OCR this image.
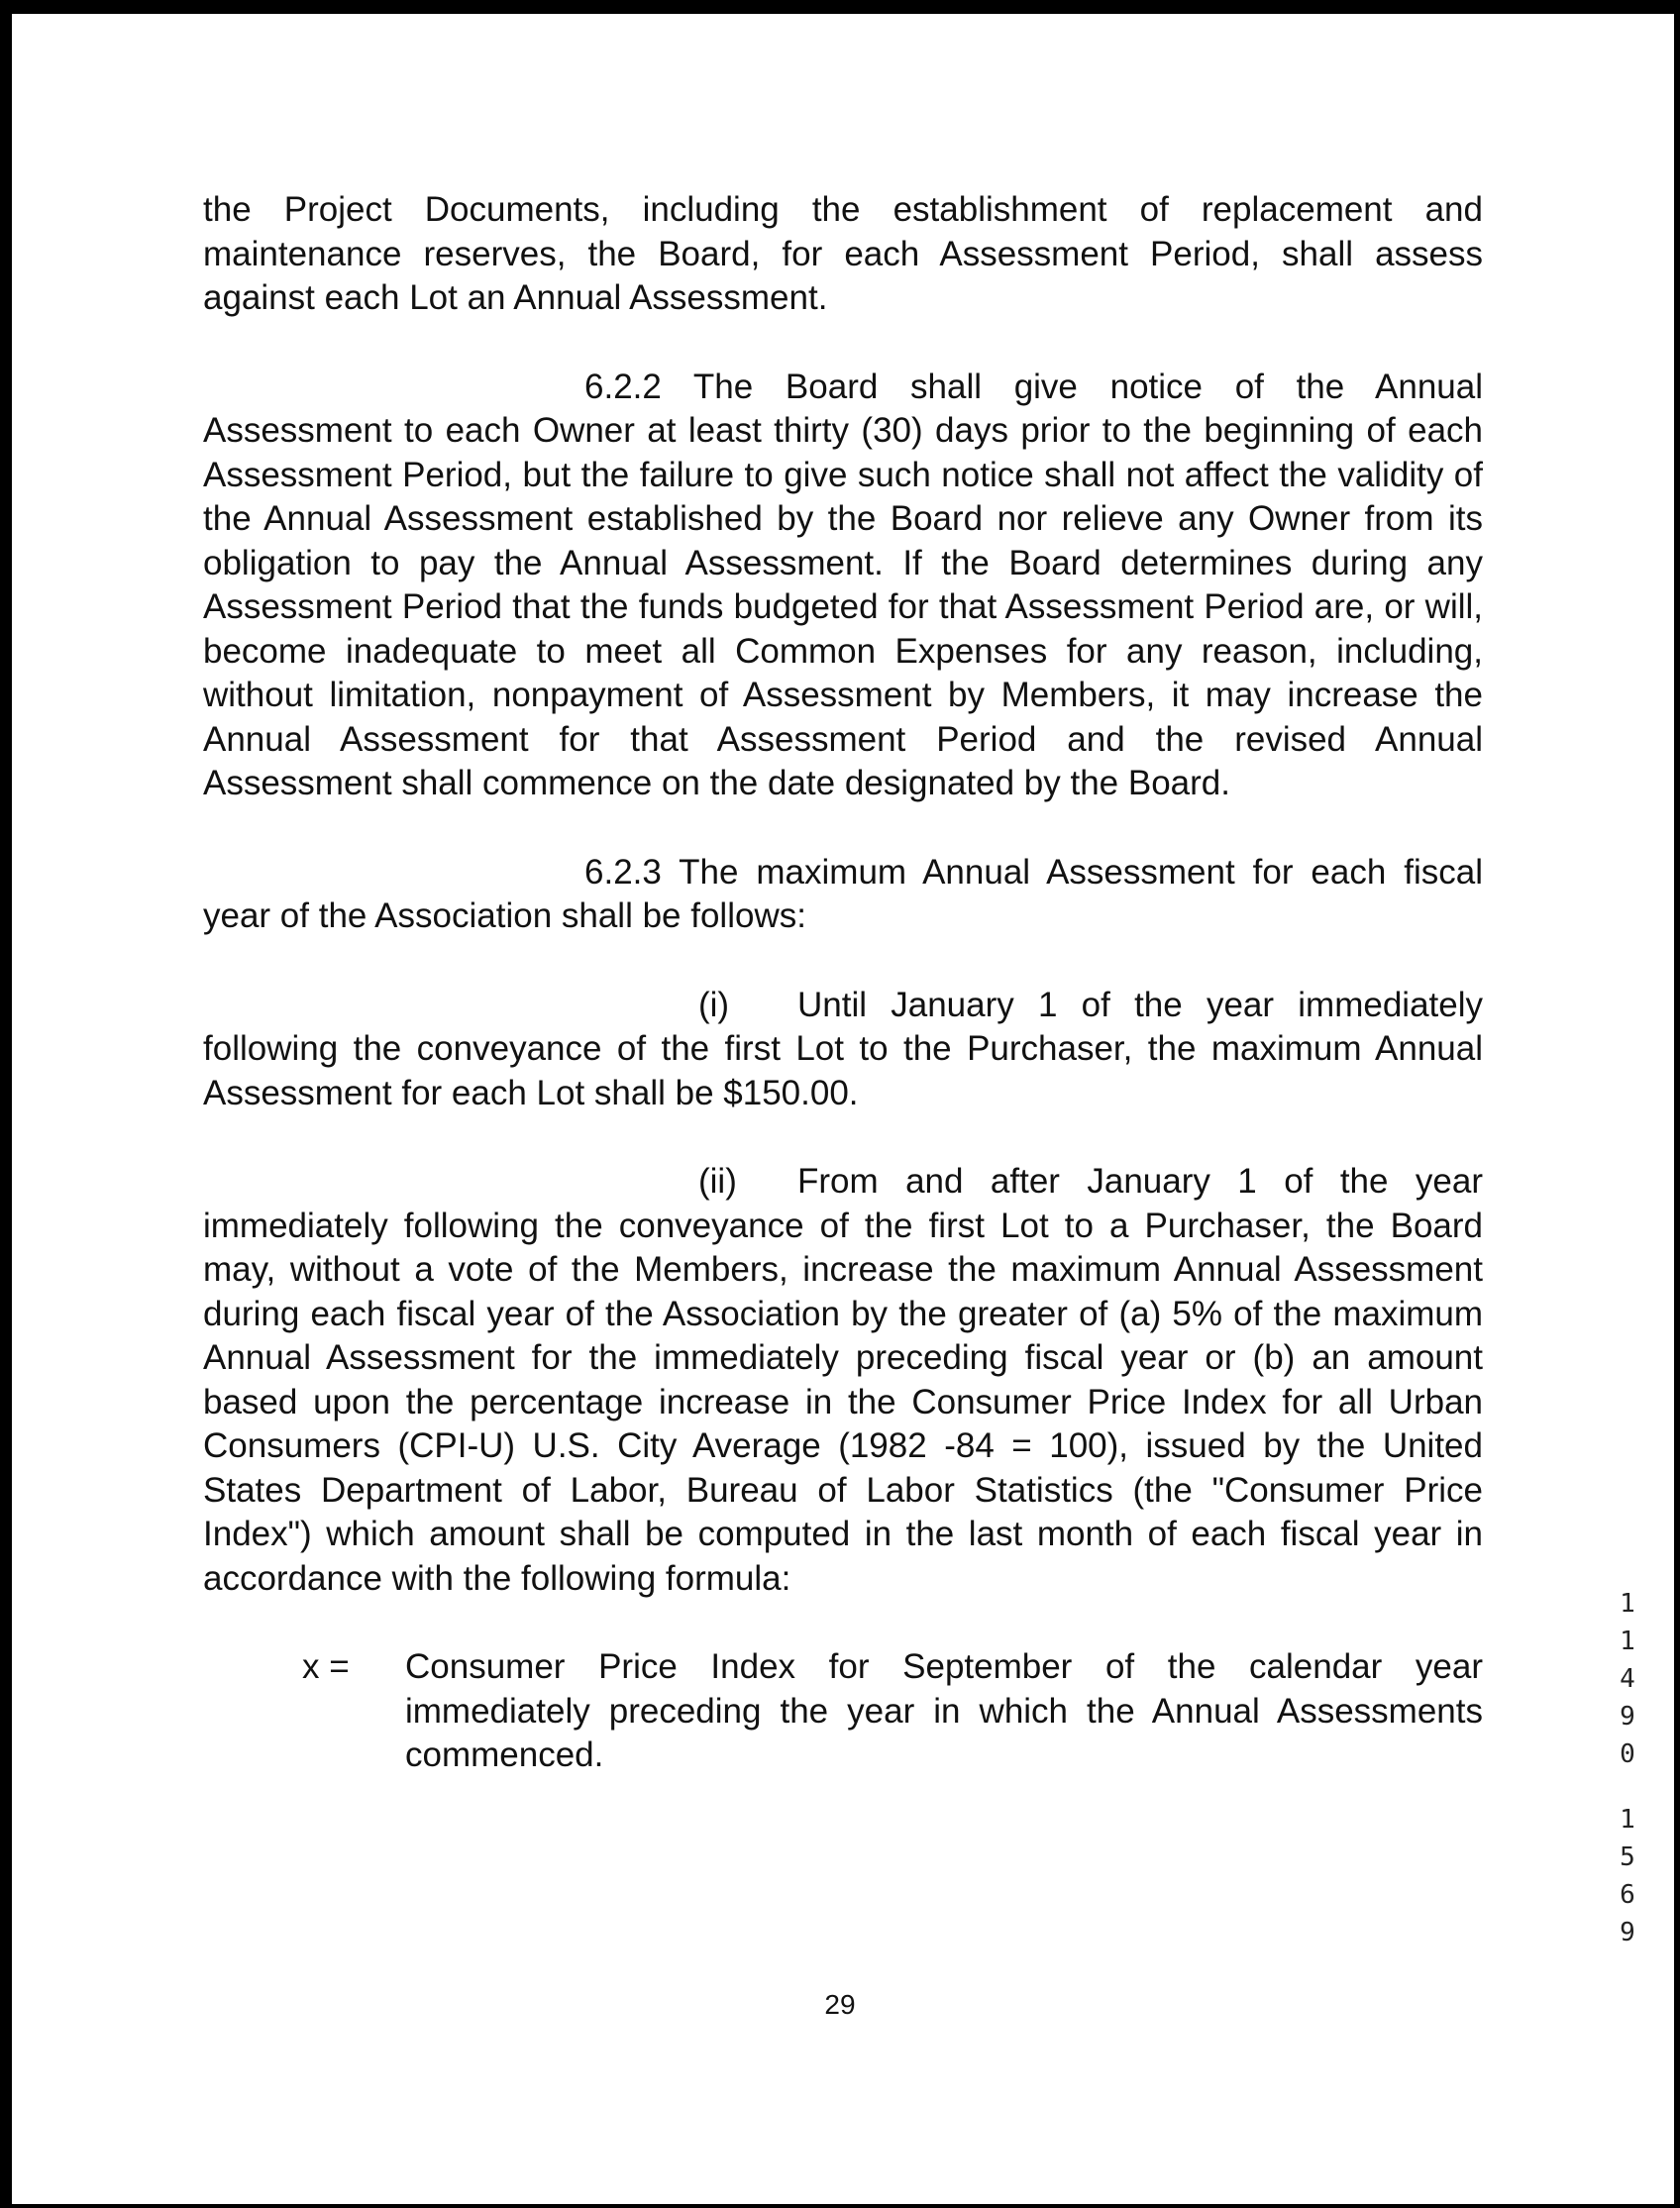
the Project Documents, including the establishment of replacement and maintenance reserves, the Board, for each Assessment Period, shall assess against each Lot an Annual Assessment.

6.2.2 The Board shall give notice of the Annual Assessment to each Owner at least thirty (30) days prior to the beginning of each Assessment Period, but the failure to give such notice shall not affect the validity of the Annual Assessment established by the Board nor relieve any Owner from its obligation to pay the Annual Assessment. If the Board determines during any Assessment Period that the funds budgeted for that Assessment Period are, or will, become inadequate to meet all Common Expenses for any reason, including, without limitation, nonpayment of Assessment by Members, it may increase the Annual Assessment for that Assessment Period and the revised Annual Assessment shall commence on the date designated by the Board.

6.2.3 The maximum Annual Assessment for each fiscal year of the Association shall be follows:

(i) Until January 1 of the year immediately following the conveyance of the first Lot to the Purchaser, the maximum Annual Assessment for each Lot shall be $150.00.

(ii) From and after January 1 of the year immediately following the conveyance of the first Lot to a Purchaser, the Board may, without a vote of the Members, increase the maximum Annual Assessment during each fiscal year of the Association by the greater of (a) 5% of the maximum Annual Assessment for the immediately preceding fiscal year or (b) an amount based upon the percentage increase in the Consumer Price Index for all Urban Consumers (CPI-U) U.S. City Average (1982 -84 = 100), issued by the United States Department of Labor, Bureau of Labor Statistics (the "Consumer Price Index") which amount shall be computed in the last month of each fiscal year in accordance with the following formula:

x =	Consumer Price Index for September of the calendar year immediately preceding the year in which the Annual Assessments commenced.
29
1
1
4
9
0
1
5
6
9
